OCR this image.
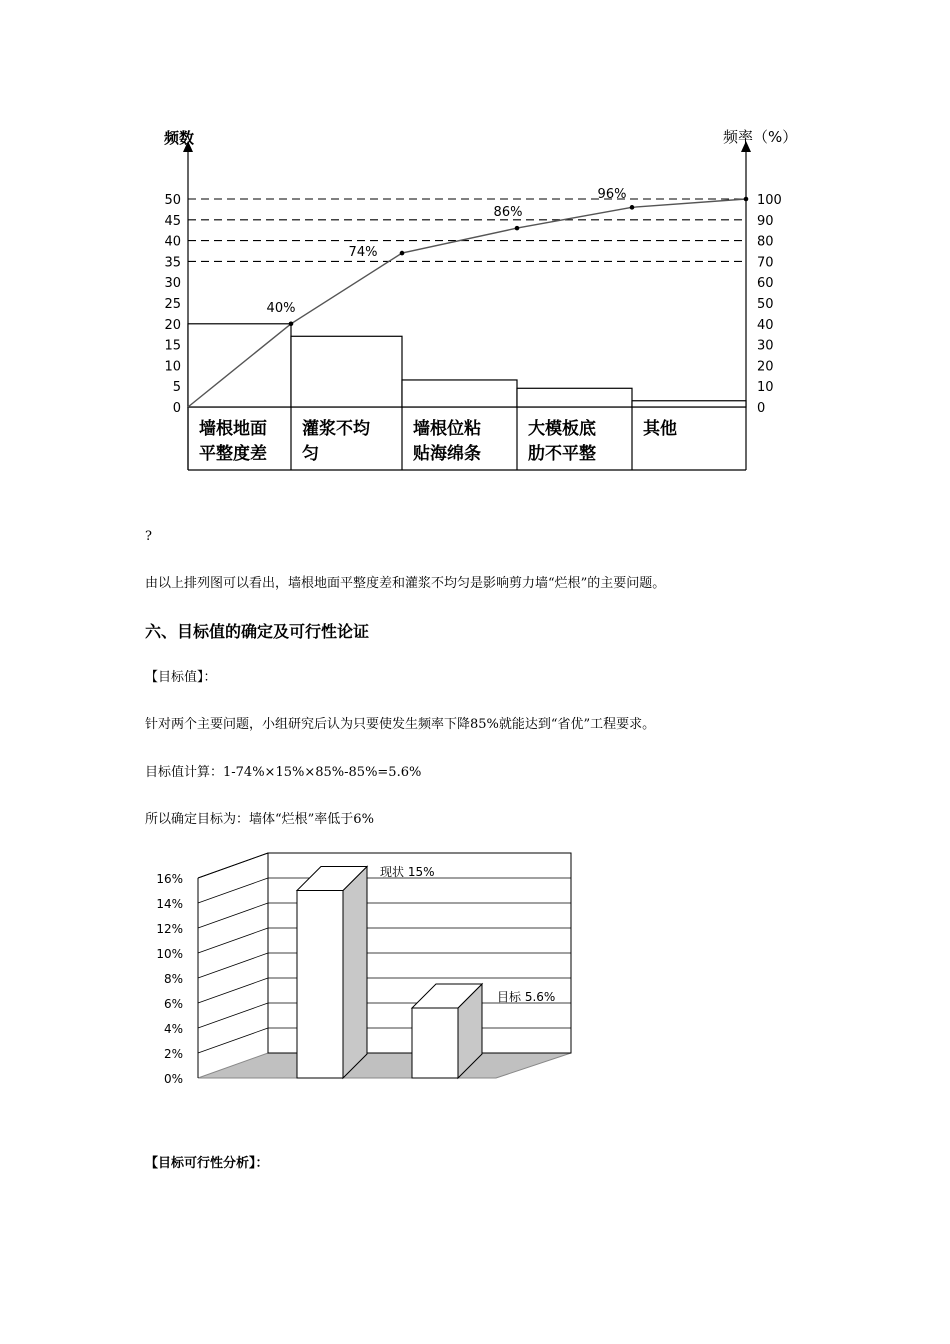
频数	频率（%）
0
5
10
15
20
25
30
35
40
45
50
0
10
20
30
40
50
60
70
80
90
100
墙根地面
平整度差
灌浆不均
匀
墙根位粘
贴海绵条
大模板底
肋不平整
其他
40%
74%
86%
96%
?
由以上排列图可以看出，墙根地面平整度差和灌浆不均匀是影响剪力墙“烂根”的主要问题。
六、目标值的确定及可行性论证
【目标值】：
针对两个主要问题，小组研究后认为只要使发生频率下降85%就能达到“省优”工程要求。
目标值计算：1-74%×15%×85%-85%=5.6%
所以确定目标为：墙体“烂根”率低于6%
0%
2%
4%
6%
8%
10%
12%
14%
16%	现状 15%
目标 5.6%
【目标可行性分析】：
